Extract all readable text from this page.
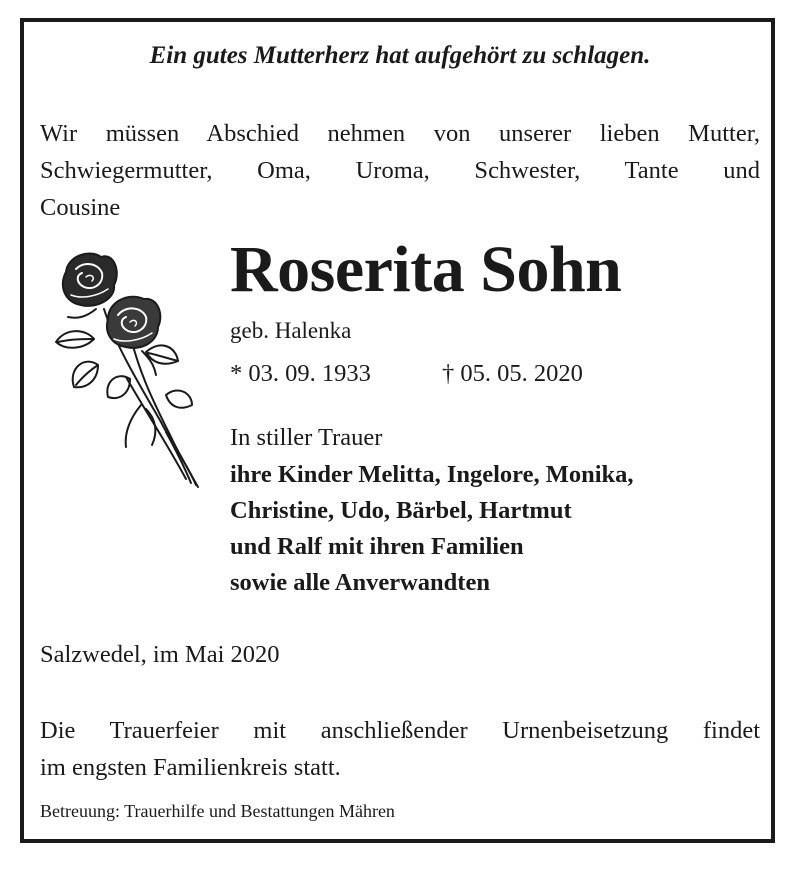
Ein gutes Mutterherz hat aufgehört zu schlagen.
Wir müssen Abschied nehmen von unserer lieben Mutter,
Schwiegermutter, Oma, Uroma, Schwester, Tante und
Cousine
Roserita Sohn
geb. Halenka
* 03. 09. 1933	† 05. 05. 2020
In stiller Trauer
ihre Kinder Melitta, Ingelore, Monika,
Christine, Udo, Bärbel, Hartmut
und Ralf mit ihren Familien
sowie alle Anverwandten
Salzwedel, im Mai 2020
Die Trauerfeier mit anschließender Urnenbeisetzung findet
im engsten Familienkreis statt.
Betreuung: Trauerhilfe und Bestattungen Mähren
